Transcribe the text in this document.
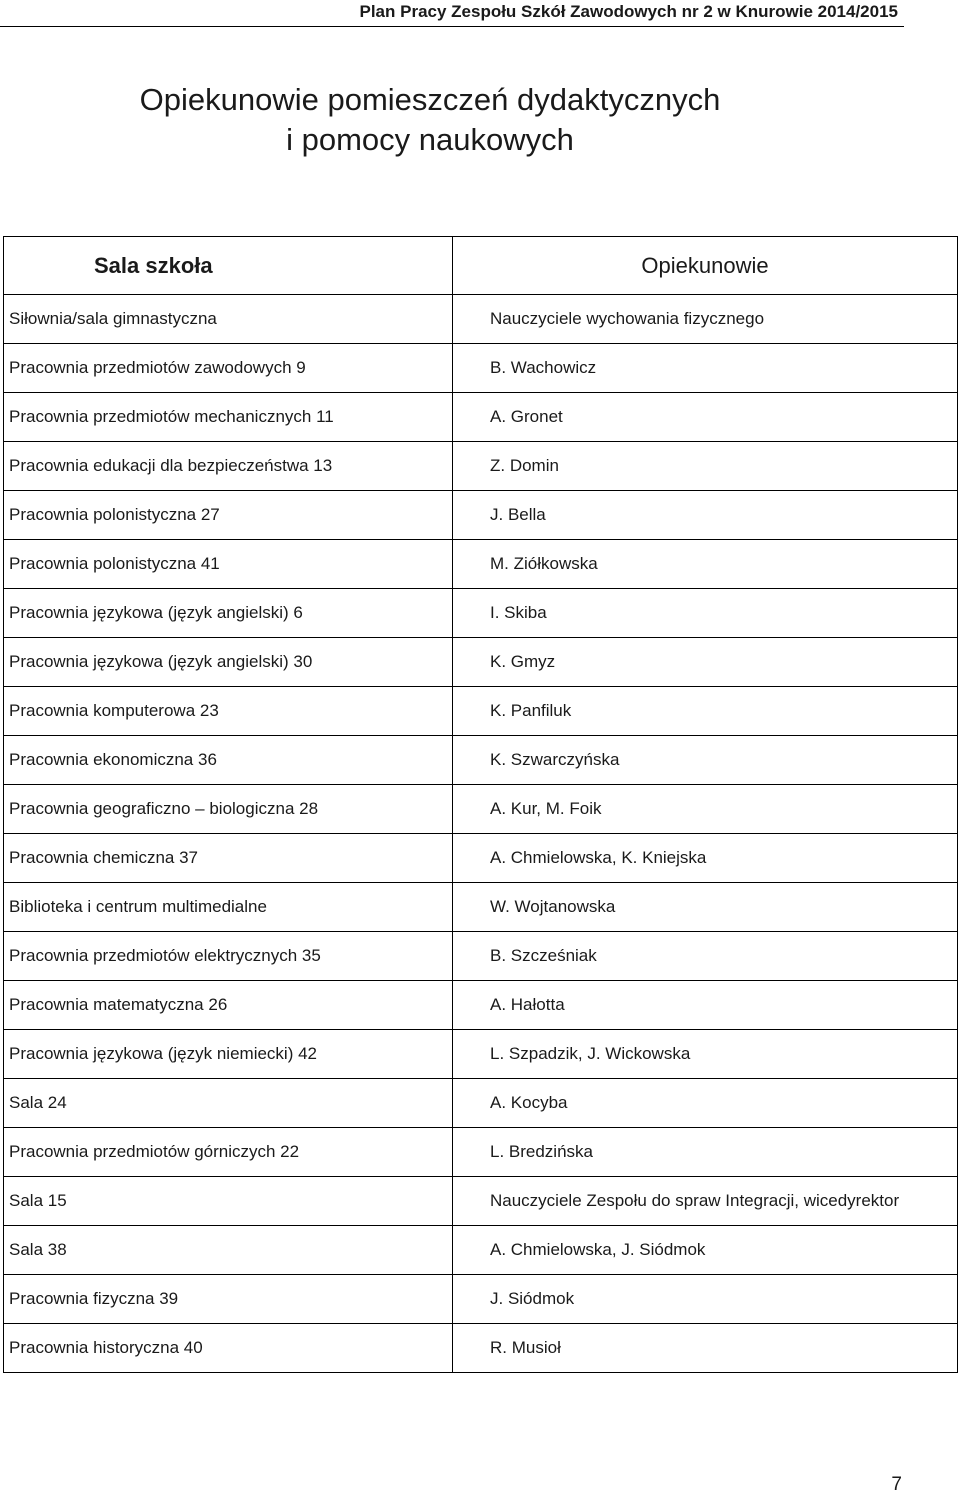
Plan Pracy Zespołu Szkół Zawodowych nr 2 w Knurowie 2014/2015
Opiekunowie pomieszczeń dydaktycznych
i pomocy naukowych
Sala szkoła	Opiekunowie
Siłownia/sala gimnastyczna	Nauczyciele wychowania fizycznego
Pracownia przedmiotów zawodowych 9	B. Wachowicz
Pracownia przedmiotów mechanicznych 11	A. Gronet
Pracownia edukacji dla bezpieczeństwa 13	Z. Domin
Pracownia polonistyczna 27	J. Bella
Pracownia polonistyczna 41	M. Ziółkowska
Pracownia językowa (język angielski) 6	I. Skiba
Pracownia językowa (język angielski) 30	K. Gmyz
Pracownia komputerowa 23	K. Panfiluk
Pracownia ekonomiczna 36	K. Szwarczyńska
Pracownia geograficzno – biologiczna 28	A. Kur, M. Foik
Pracownia chemiczna 37	A. Chmielowska, K. Kniejska
Biblioteka i centrum multimedialne	W. Wojtanowska
Pracownia przedmiotów elektrycznych 35	B. Szcześniak
Pracownia matematyczna 26	A. Hałotta
Pracownia językowa (język niemiecki) 42	L. Szpadzik, J. Wickowska
Sala 24	A. Kocyba
Pracownia przedmiotów górniczych 22	L. Bredzińska
Sala 15	Nauczyciele Zespołu do spraw Integracji, wicedyrektor
Sala 38	A. Chmielowska, J. Siódmok
Pracownia fizyczna 39	J. Siódmok
Pracownia historyczna 40	R. Musioł
7
